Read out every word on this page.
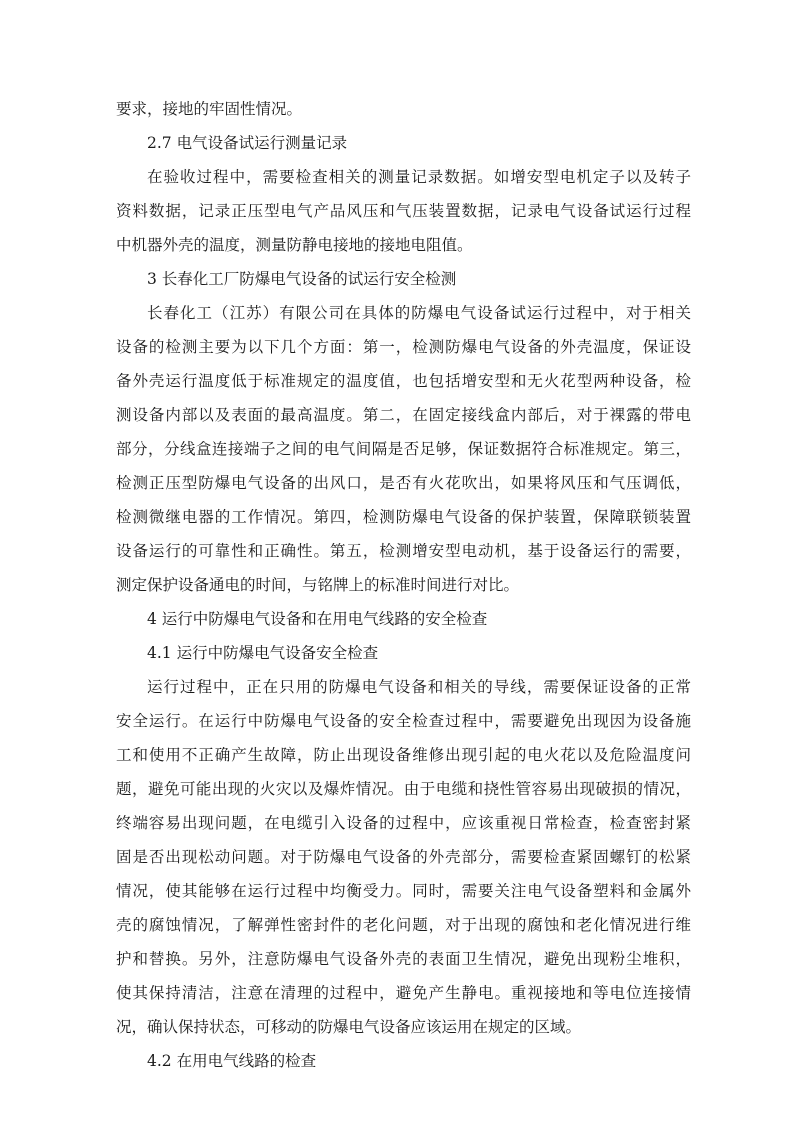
要求，接地的牢固性情况。
2.7 电气设备试运行测量记录
在验收过程中，需要检查相关的测量记录数据。如增安型电机定子以及转子
资料数据，记录正压型电气产品风压和气压装置数据，记录电气设备试运行过程
中机器外壳的温度，测量防静电接地的接地电阻值。
3 长春化工厂防爆电气设备的试运行安全检测
长春化工（江苏）有限公司在具体的防爆电气设备试运行过程中，对于相关
设备的检测主要为以下几个方面：第一，检测防爆电气设备的外壳温度，保证设
备外壳运行温度低于标准规定的温度值，也包括增安型和无火花型两种设备，检
测设备内部以及表面的最高温度。第二，在固定接线盒内部后，对于裸露的带电
部分，分线盒连接端子之间的电气间隔是否足够，保证数据符合标准规定。第三，
检测正压型防爆电气设备的出风口，是否有火花吹出，如果将风压和气压调低，
检测微继电器的工作情况。第四，检测防爆电气设备的保护装置，保障联锁装置
设备运行的可靠性和正确性。第五，检测增安型电动机，基于设备运行的需要，
测定保护设备通电的时间，与铭牌上的标准时间进行对比。
4 运行中防爆电气设备和在用电气线路的安全检查
4.1 运行中防爆电气设备安全检查
运行过程中，正在只用的防爆电气设备和相关的导线，需要保证设备的正常
安全运行。在运行中防爆电气设备的安全检查过程中，需要避免出现因为设备施
工和使用不正确产生故障，防止出现设备维修出现引起的电火花以及危险温度问
题，避免可能出现的火灾以及爆炸情况。由于电缆和挠性管容易出现破损的情况，
终端容易出现问题，在电缆引入设备的过程中，应该重视日常检查，检查密封紧
固是否出现松动问题。对于防爆电气设备的外壳部分，需要检查紧固螺钉的松紧
情况，使其能够在运行过程中均衡受力。同时，需要关注电气设备塑料和金属外
壳的腐蚀情况，了解弹性密封件的老化问题，对于出现的腐蚀和老化情况进行维
护和替换。另外，注意防爆电气设备外壳的表面卫生情况，避免出现粉尘堆积，
使其保持清洁，注意在清理的过程中，避免产生静电。重视接地和等电位连接情
况，确认保持状态，可移动的防爆电气设备应该运用在规定的区域。
4.2 在用电气线路的检查
